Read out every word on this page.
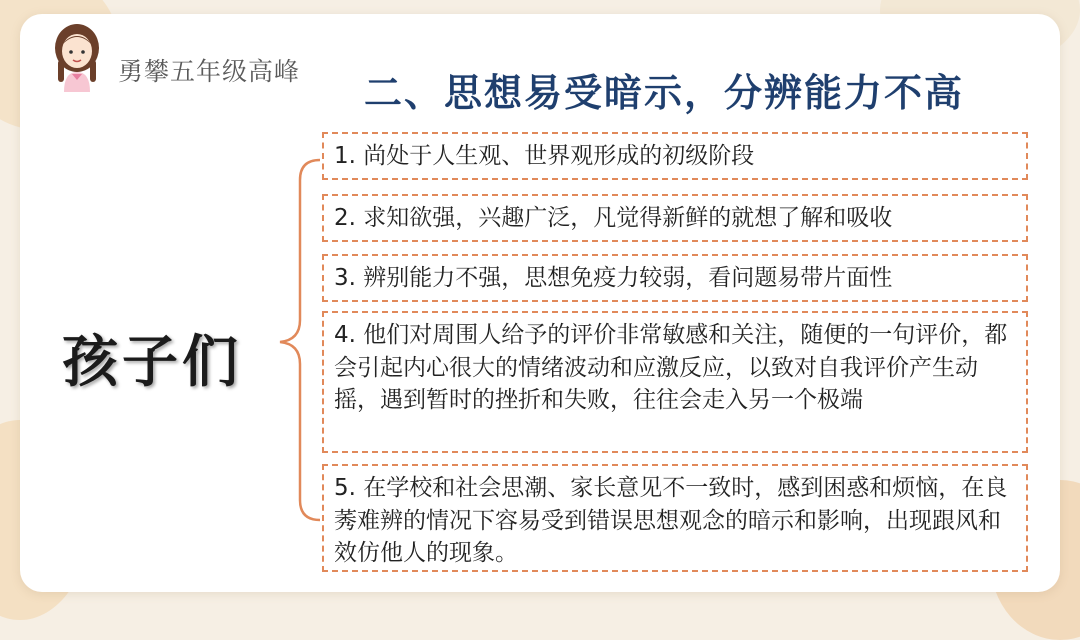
勇攀五年级高峰 二、思想易受暗示，分辨能力不高
孩子们
1. 尚处于人生观、世界观形成的初级阶段
2. 求知欲强，兴趣广泛，凡觉得新鲜的就想了解和吸收
3. 辨别能力不强，思想免疫力较弱，看问题易带片面性
4. 他们对周围人给予的评价非常敏感和关注，随便的一句评价，都会引起内心很大的情绪波动和应激反应，以致对自我评价产生动摇，遇到暂时的挫折和失败，往往会走入另一个极端
5. 在学校和社会思潮、家长意见不一致时，感到困惑和烦恼，在良莠难辨的情况下容易受到错误思想观念的暗示和影响，出现跟风和效仿他人的现象。
